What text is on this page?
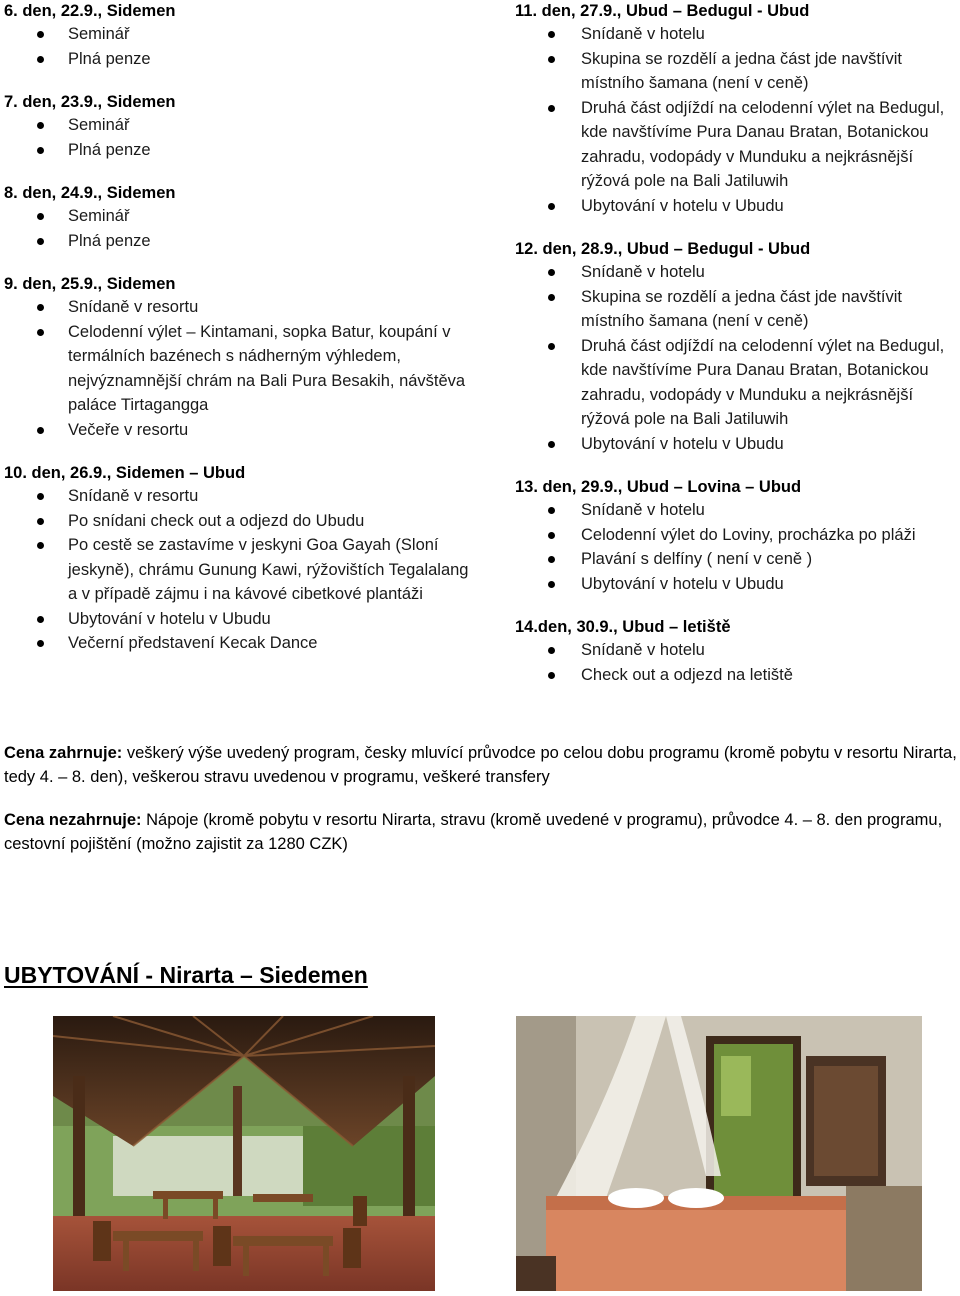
6. den, 22.9., Sidemen
Seminář
Plná penze
7. den, 23.9., Sidemen
Seminář
Plná penze
8. den, 24.9., Sidemen
Seminář
Plná penze
9. den, 25.9., Sidemen
Snídaně v resortu
Celodenní výlet – Kintamani, sopka Batur, koupání v termálních bazénech s nádherným výhledem, nejvýznamnější chrám na Bali Pura Besakih, návštěva paláce Tirtagangga
Večeře v resortu
10. den, 26.9., Sidemen – Ubud
Snídaně v resortu
Po snídani check out a odjezd do Ubudu
Po cestě se zastavíme v jeskyni Goa Gayah (Sloní jeskyně), chrámu Gunung Kawi, rýžovištích Tegalalang a v případě zájmu i na kávové cibetkové plantáži
Ubytování v hotelu v Ubudu
Večerní představení Kecak Dance
11. den, 27.9., Ubud – Bedugul - Ubud
Snídaně v hotelu
Skupina se rozdělí a jedna část jde navštívit místního šamana (není v ceně)
Druhá část odjíždí na celodenní výlet na Bedugul, kde navštívíme Pura Danau Bratan, Botanickou zahradu, vodopády v Munduku a nejkrásnější rýžová pole na Bali Jatiluwih
Ubytování v hotelu v Ubudu
12. den, 28.9., Ubud – Bedugul - Ubud
Snídaně v hotelu
Skupina se rozdělí a jedna část jde navštívit místního šamana (není v ceně)
Druhá část odjíždí na celodenní výlet na Bedugul, kde navštívíme Pura Danau Bratan, Botanickou zahradu, vodopády v Munduku a nejkrásnější rýžová pole na Bali Jatiluwih
Ubytování v hotelu v Ubudu
13. den, 29.9., Ubud – Lovina – Ubud
Snídaně v hotelu
Celodenní výlet do Loviny, procházka po pláži
Plavání s delfíny ( není v ceně )
Ubytování v hotelu v Ubudu
14.den, 30.9., Ubud – letiště
Snídaně v hotelu
Check out a odjezd na letiště
Cena zahrnuje: veškerý výše uvedený program, česky mluvící průvodce po celou dobu programu (kromě pobytu v resortu Nirarta, tedy 4. – 8. den), veškerou stravu uvedenou v programu, veškeré transfery
Cena nezahrnuje: Nápoje (kromě pobytu v resortu Nirarta, stravu (kromě uvedené v programu), průvodce 4. – 8. den programu, cestovní pojištění (možno zajistit za 1280 CZK)
UBYTOVÁNÍ - Nirarta – Siedemen
